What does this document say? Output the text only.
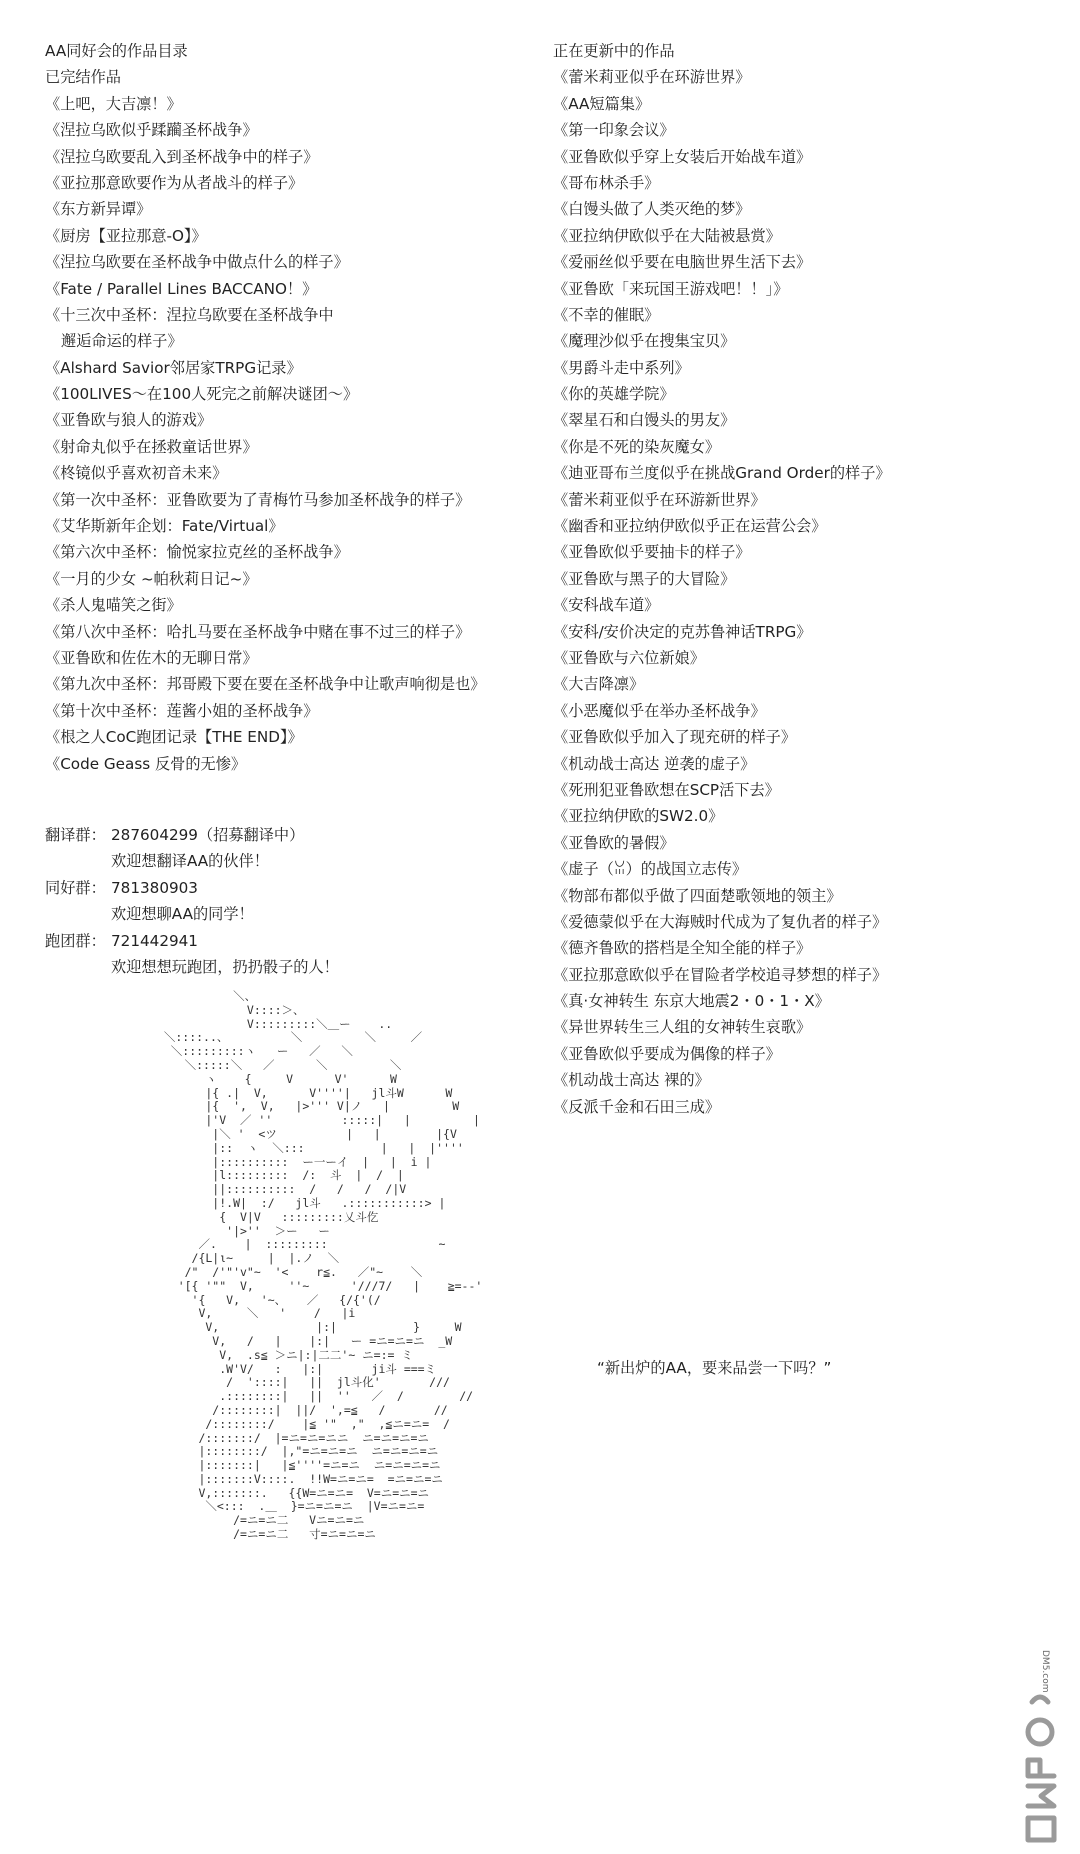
AA同好会的作品目录
已完结作品
《上吧，大吉凛！》
《涅拉乌欧似乎蹂躏圣杯战争》
《涅拉乌欧要乱入到圣杯战争中的样子》
《亚拉那意欧要作为从者战斗的样子》
《东方新异谭》
《厨房【亚拉那意-O】》
《涅拉乌欧要在圣杯战争中做点什么的样子》
《Fate / Parallel Lines BACCANO！》
《十三次中圣杯：涅拉乌欧要在圣杯战争中
邂逅命运的样子》
《Alshard Savior邻居家TRPG记录》
《100LIVES～在100人死完之前解决谜团～》
《亚鲁欧与狼人的游戏》
《射命丸似乎在拯救童话世界》
《柊镜似乎喜欢初音未来》
《第一次中圣杯：亚鲁欧要为了青梅竹马参加圣杯战争的样子》
《艾华斯新年企划：Fate/Virtual》
《第六次中圣杯：愉悦家拉克丝的圣杯战争》
《一月的少女 ~帕秋莉日记~》
《杀人鬼喵笑之街》
《第八次中圣杯：哈扎马要在圣杯战争中赌在事不过三的样子》
《亚鲁欧和佐佐木的无聊日常》
《第九次中圣杯：邦哥殿下要在要在圣杯战争中让歌声响彻是也》
《第十次中圣杯：莲酱小姐的圣杯战争》
《根之人CoC跑团记录【THE END】》
《Code Geass 反骨的无惨》
正在更新中的作品
《蕾米莉亚似乎在环游世界》
《AA短篇集》
《第一印象会议》
《亚鲁欧似乎穿上女装后开始战车道》
《哥布林杀手》
《白馒头做了人类灭绝的梦》
《亚拉纳伊欧似乎在大陆被悬赏》
《爱丽丝似乎要在电脑世界生活下去》
《亚鲁欧「来玩国王游戏吧！！」》
《不幸的催眠》
《魔理沙似乎在搜集宝贝》
《男爵斗走中系列》
《你的英雄学院》
《翠星石和白馒头的男友》
《你是不死的染灰魔女》
《迪亚哥布兰度似乎在挑战Grand Order的样子》
《蕾米莉亚似乎在环游新世界》
《幽香和亚拉纳伊欧似乎正在运营公会》
《亚鲁欧似乎要抽卡的样子》
《亚鲁欧与黑子的大冒险》
《安科战车道》
《安科/安价决定的克苏鲁神话TRPG》
《亚鲁欧与六位新娘》
《大吉降凛》
《小恶魔似乎在举办圣杯战争》
《亚鲁欧似乎加入了现充研的样子》
《机动战士高达 逆袭的虚子》
《死刑犯亚鲁欧想在SCP活下去》
《亚拉纳伊欧的SW2.0》
《亚鲁欧的暑假》
《虚子（ꈍ）的战国立志传》
《物部布都似乎做了四面楚歌领地的领主》
《爱德蒙似乎在大海贼时代成为了复仇者的样子》
《德齐鲁欧的搭档是全知全能的样子》
《亚拉那意欧似乎在冒险者学校追寻梦想的样子》
《真·女神转生 东京大地震2・0・1・X》
《异世界转生三人组的女神转生哀歌》
《亚鲁欧似乎要成为偶像的样子》
《机动战士高达 裸的》
《反派千金和石田三成》
翻译群： 287604299（招募翻译中）
欢迎想翻译AA的伙伴！
同好群： 781380903
欢迎想聊AA的同学！
跑团群： 721442941
欢迎想想玩跑团，扔扔骰子的人！
＼、
V::::＞、
V:::::::::＼＿ー    ..
＼::::..、         ＼         ＼     ／
＼:::::::::ヽ   ー   ／   ＼
＼:::::＼   ／      ＼         ＼
ヽ    {     V      V'      W
|{ .|  V,      V''''|   jl斗W      W
|{  ',  V,   |>''' V|ノ   |         W
|'V  ／ ''          :::::|   |         |
|＼ '  <ツ          |   |        |{V
|::  ヽ  ＼:::           |   |  |''''
|::::::::::  ー一ーイ  |   |  i |
|l:::::::::  /:  斗  |  /  |
||::::::::::  /   /   /  /|V
|!.W|  :/   jl斗   .:::::::::::> |
{  V|V   :::::::::乂斗仡
'|>''  ＞ー   ー
／.    |  :::::::::                ~
/{L|ι~     |  |.ノ  ＼
/"  /'"'v"~  '<    r≦.   ／"~    ＼
'[{ '""  V,     ''~      '///7/   |    ≧=--'
'{   V,   '~、   ／   {/{'(/
V,     ＼   '    /   |i
V,              |:|           }     W
V,   /   |    |:|   ー =ニ=ニ=ニ  _W
V,  .s≦ ＞ニ|:|二二'~ ニ=:= ミ
.W'V/   :   |:|       ji斗 ===ミ
/  '::::|   ||  jl斗化'       ///
.::::::::|   ||  ''   ／  /        //
/::::::::|  ||/  ',=≦   /       //
/::::::::/    |≦ '"  ,"  ,≦ニ=ニ=  /
/:::::::/  |=ニ=ニ=ニニ  ニ=ニ=ニ=ニ
|::::::::/  |,"=ニ=ニ=ニ  ニ=ニ=ニ=ニ
|:::::::|   |≦''''=ニ=ニ  ニ=ニ=ニ=ニ
|:::::::V::::.  !!W=ニ=ニ=  =ニ=ニ=ニ
V,:::::::.   {{W=ニ=ニ=  V=ニ=ニ=ニ
＼<:::  .＿  }=ニ=ニ=ニ  |V=ニ=ニ=
/=ニ=ニ二   Vニ=ニ=ニ
/=ニ=ニ二   寸=ニ=ニ=ニ
“新出炉的AA，要来品尝一下吗？”
DM5.com
